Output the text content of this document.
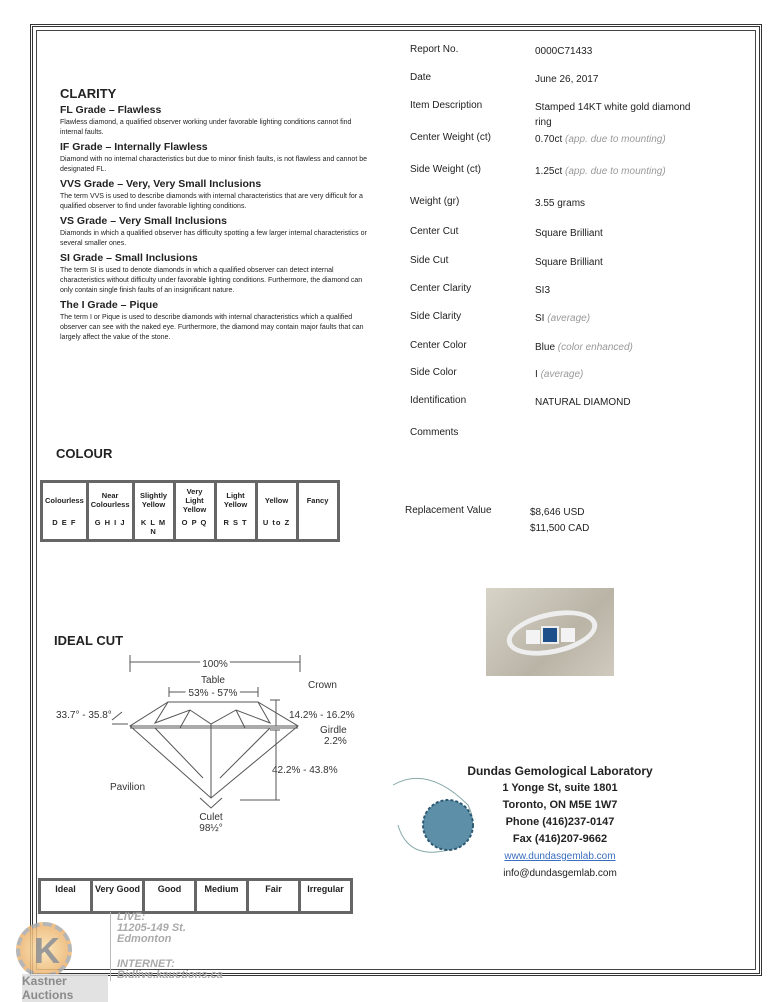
CLARITY
FL Grade – Flawless

Flawless diamond, a qualified observer working under favorable lighting conditions cannot find internal faults.

IF Grade – Internally Flawless

Diamond with no internal characteristics but due to minor finish faults, is not flawless and cannot be designated FL.

VVS Grade – Very, Very Small Inclusions

The term VVS is used to describe diamonds with internal characteristics that are very difficult for a qualified observer to find under favorable lighting conditions.

VS Grade – Very Small Inclusions

Diamonds in which a qualified observer has difficulty spotting a few larger internal characteristics or several smaller ones.

SI Grade – Small Inclusions

The term SI is used to denote diamonds in which a qualified observer can detect internal characteristics without difficulty under favorable lighting conditions. Furthermore, the diamond can only contain single finish faults of an insignificant nature.

The I Grade – Pique

The term I or Pique is used to describe diamonds with internal characteristics which a qualified observer can see with the naked eye. Furthermore, the diamond may contain major faults that can largely affect the value of the stone.

Report No.	0000C71433
Date	June 26, 2017
Item Description	Stamped 14KT white gold diamond ring
Center Weight (ct)	0.70ct (app. due to mounting)
Side Weight (ct)	1.25ct (app. due to mounting)
Weight (gr)	3.55 grams
Center Cut	Square Brilliant
Side Cut	Square Brilliant
Center Clarity	SI3
Side Clarity	SI (average)
Center Color	Blue (color enhanced)
Side Color	I (average)
Identification	NATURAL DIAMOND
Comments
Replacement Value	$8,646 USD
$11,500 CAD
COLOUR
Colourless
D E F

Near Colourless
G H I J

Slightly Yellow
K L M N

Very Light Yellow
O P Q

Light Yellow
R S T

Yellow
U to Z

Fancy
IDEAL CUT
100%
Table
53% - 57%
Crown
33.7° - 35.8°	14.2% - 16.2%
Girdle
2.2%
42.2% - 43.8%
Pavilion
Culet
98½°
Ideal	Very Good	Good	Medium	Fair	Irregular
Dundas Gemological Laboratory
1 Yonge St, suite 1801
Toronto, ON M5E 1W7
Phone (416)237-0147
Fax (416)207-9662
www.dundasgemlab.com
info@dundasgemlab.com
K
Kastner Auctions
LIVE:
11205-149 St.
Edmonton
INTERNET:
Bidlive.kauctions.ca
